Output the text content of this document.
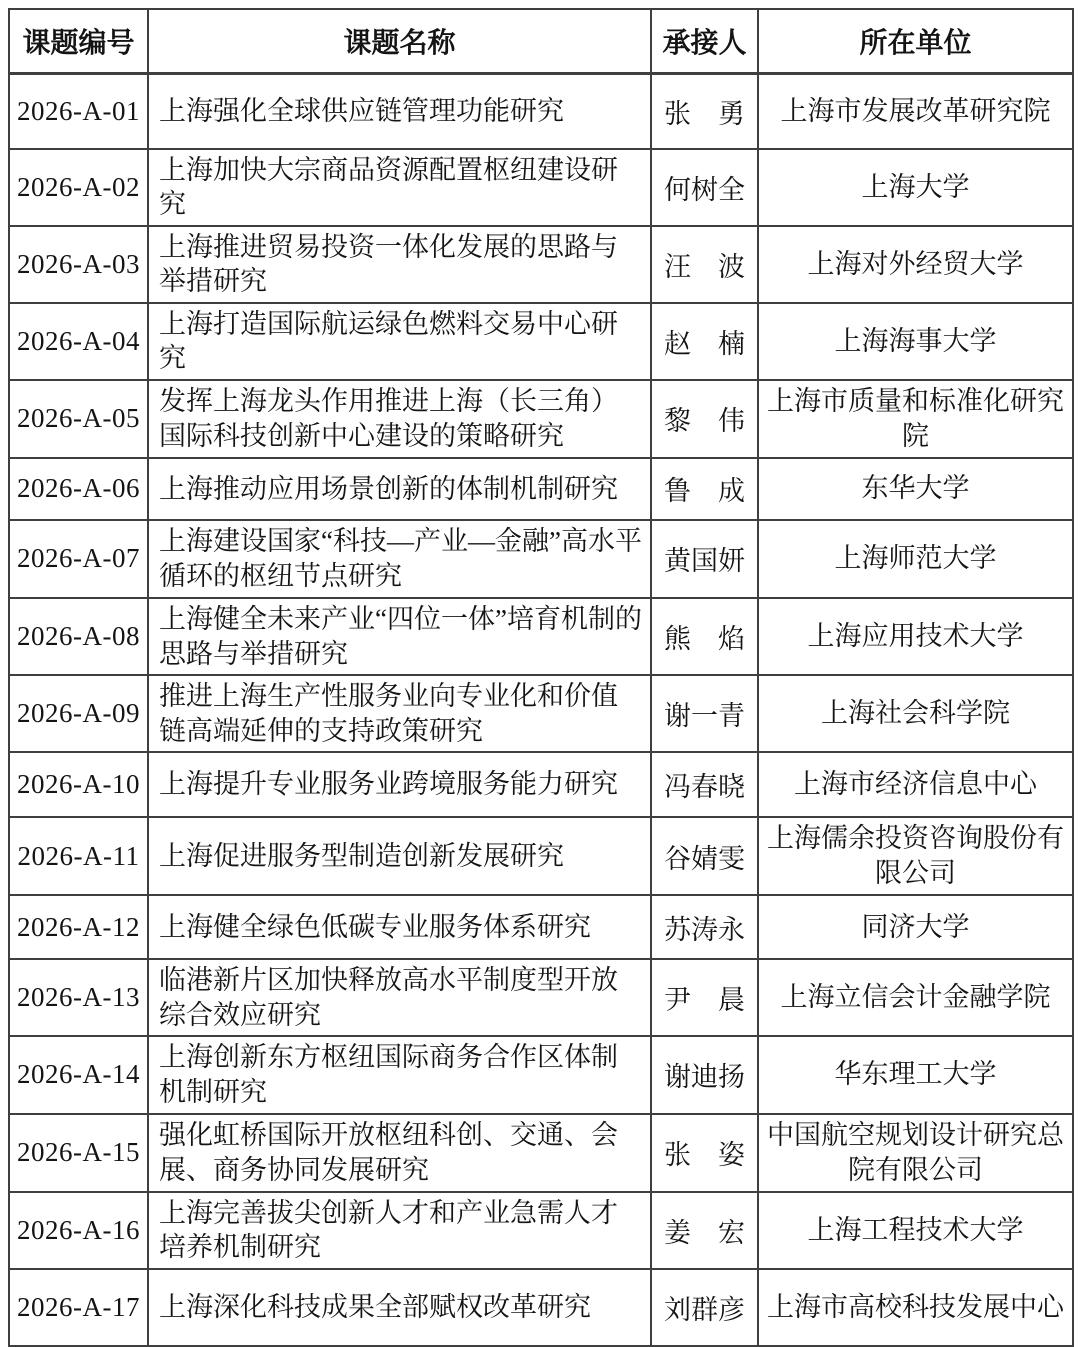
课题编号	课题名称	承接人	所在单位
2026-A-01	上海强化全球供应链管理功能研究	张　勇	上海市发展改革研究院
2026-A-02	上海加快大宗商品资源配置枢纽建设研究	何树全	上海大学
2026-A-03	上海推进贸易投资一体化发展的思路与举措研究	汪　波	上海对外经贸大学
2026-A-04	上海打造国际航运绿色燃料交易中心研究	赵　楠	上海海事大学
2026-A-05	发挥上海龙头作用推进上海（长三角）国际科技创新中心建设的策略研究	黎　伟	上海市质量和标准化研究院
2026-A-06	上海推动应用场景创新的体制机制研究	鲁　成	东华大学
2026-A-07	上海建设国家“科技—产业—金融”高水平循环的枢纽节点研究	黄国妍	上海师范大学
2026-A-08	上海健全未来产业“四位一体”培育机制的思路与举措研究	熊　焰	上海应用技术大学
2026-A-09	推进上海生产性服务业向专业化和价值链高端延伸的支持政策研究	谢一青	上海社会科学院
2026-A-10	上海提升专业服务业跨境服务能力研究	冯春晓	上海市经济信息中心
2026-A-11	上海促进服务型制造创新发展研究	谷婧雯	上海儒余投资咨询股份有限公司
2026-A-12	上海健全绿色低碳专业服务体系研究	苏涛永	同济大学
2026-A-13	临港新片区加快释放高水平制度型开放综合效应研究	尹　晨	上海立信会计金融学院
2026-A-14	上海创新东方枢纽国际商务合作区体制机制研究	谢迪扬	华东理工大学
2026-A-15	强化虹桥国际开放枢纽科创、交通、会展、商务协同发展研究	张　姿	中国航空规划设计研究总院有限公司
2026-A-16	上海完善拔尖创新人才和产业急需人才培养机制研究	姜　宏	上海工程技术大学
2026-A-17	上海深化科技成果全部赋权改革研究	刘群彦	上海市高校科技发展中心
